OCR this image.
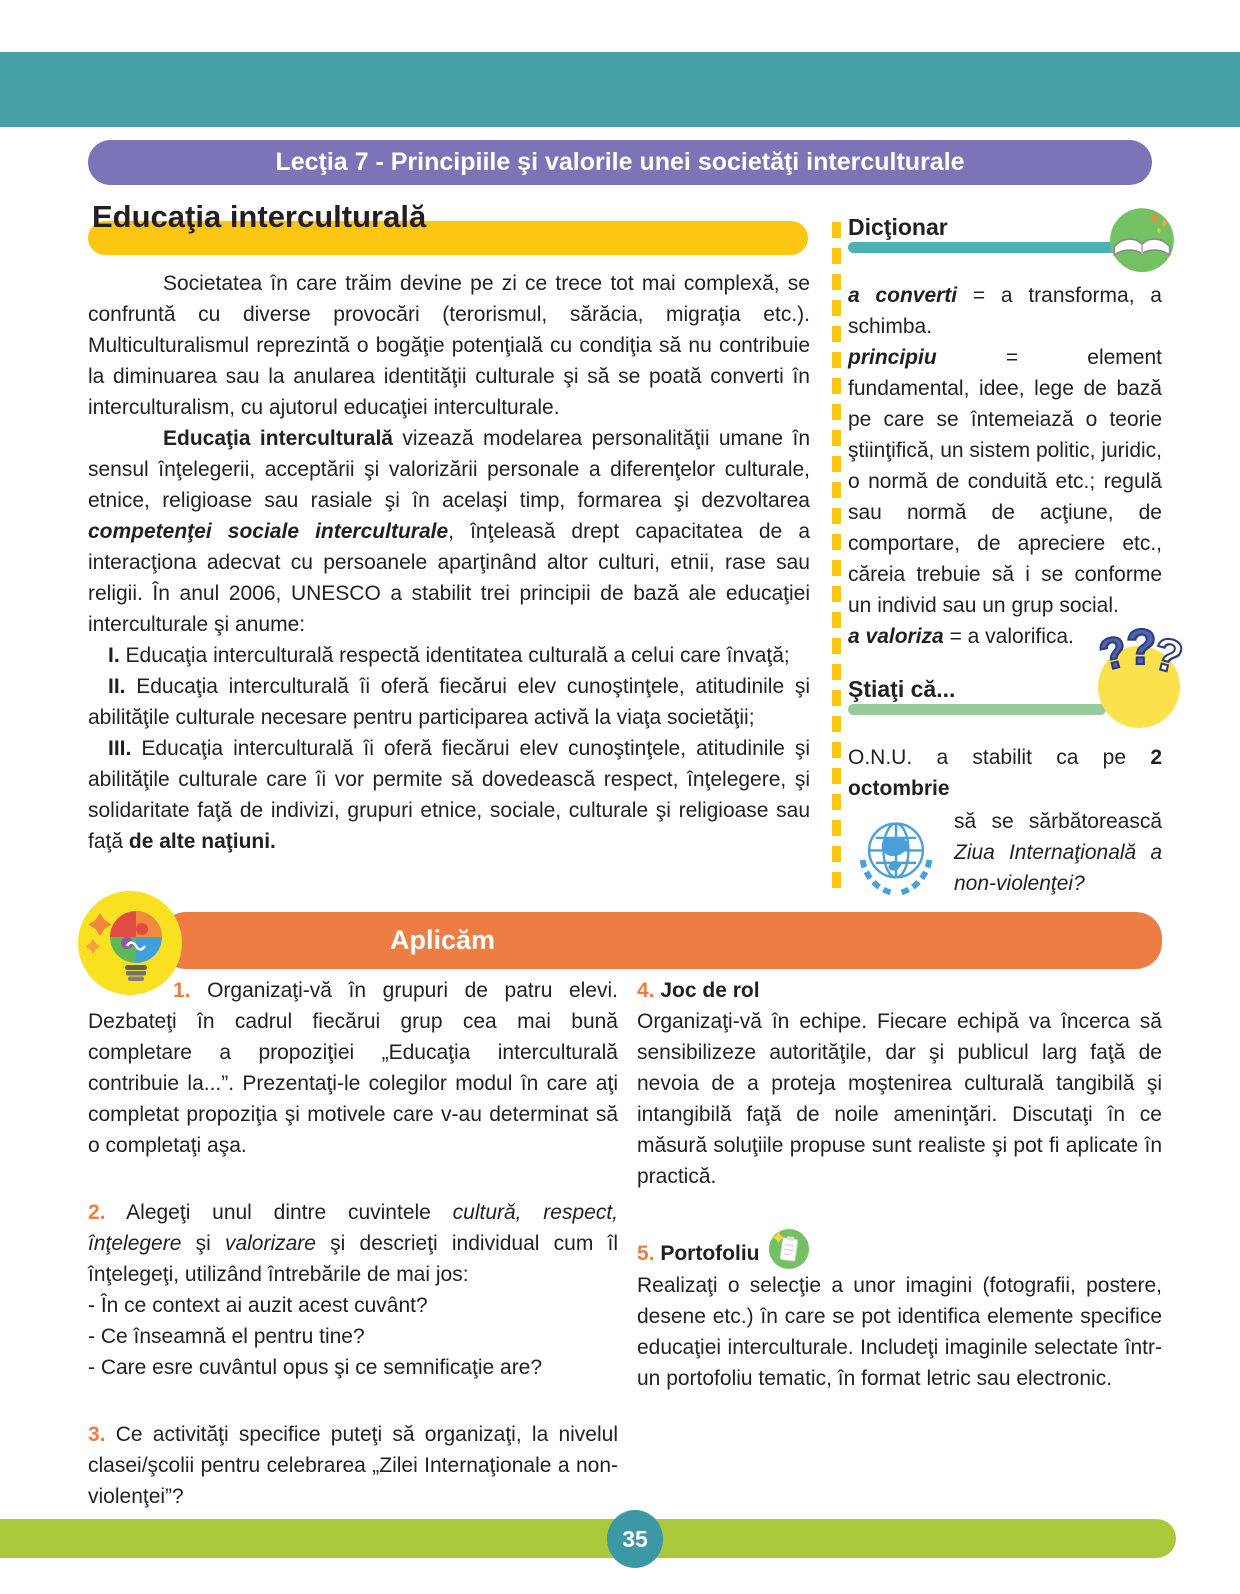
Lecţia 7 - Principiile şi valorile unei societăţi interculturale
Educaţia interculturală

Societatea în care trăim devine pe zi ce trece tot mai complexă, se confruntă cu diverse provocări (terorismul, sărăcia, migraţia etc.). Multiculturalismul reprezintă o bogăţie potenţială cu condiţia să nu contribuie la diminuarea sau la anularea identităţii culturale şi să se poată converti în interculturalism, cu ajutorul educaţiei interculturale.

Educaţia interculturală vizează modelarea personalităţii umane în sensul înţelegerii, acceptării şi valorizării personale a diferenţelor culturale, etnice, religioase sau rasiale şi în acelaşi timp, formarea şi dezvoltarea competenţei sociale interculturale, înţeleasă drept capacitatea de a interacţiona adecvat cu persoanele aparţinând altor culturi, etnii, rase sau religii. În anul 2006, UNESCO a stabilit trei principii de bază ale educaţiei interculturale şi anume:

I. Educaţia interculturală respectă identitatea culturală a celui care învaţă;

II. Educaţia interculturală îi oferă fiecărui elev cunoştinţele, atitudinile şi abilităţile culturale necesare pentru participarea activă la viaţa societăţii;

III. Educaţia interculturală îi oferă fiecărui elev cunoştinţele, atitudinile şi abilităţile culturale care îi vor permite să dovedească respect, înţelegere, şi solidaritate faţă de indivizi, grupuri etnice, sociale, culturale şi religioase sau faţă de alte naţiuni.

Dicţionar

a converti = a transforma, a schimba.

principiu = element fundamental, idee, lege de bază pe care se întemeiază o teorie ştiinţifică, un sistem politic, juridic, o normă de conduită etc.; regulă sau normă de acţiune, de comportare, de apreciere etc., căreia trebuie să i se conforme un individ sau un grup social.

a valoriza = a valorifica.

Ştiaţi că...
?
?
?

O.N.U. a stabilit ca pe 2 octombrie

să se sărbătorească Ziua Internaţională a non-violenţei?

Aplicăm

1. Organizaţi-vă în grupuri de patru elevi. Dezbateţi în cadrul fiecărui grup cea mai bună completare a propoziţiei „Educaţia interculturală contribuie la...”. Prezentaţi-le colegilor modul în care aţi completat propoziţia şi motivele care v-au determinat să o completaţi aşa.

2. Alegeţi unul dintre cuvintele cultură, respect, înţelegere şi valorizare şi descrieţi individual cum îl înţelegeţi, utilizând întrebările de mai jos:

- În ce context ai auzit acest cuvânt?
- Ce înseamnă el pentru tine?
- Care esre cuvântul opus şi ce semnificaţie are?

3. Ce activităţi specifice puteţi să organizaţi, la nivelul clasei/şcolii pentru celebrarea „Zilei Internaţionale a non-violenţei”?

4. Joc de rol

Organizaţi-vă în echipe. Fiecare echipă va încerca să sensibilizeze autorităţile, dar şi publicul larg faţă de nevoia de a proteja moştenirea culturală tangibilă şi intangibilă faţă de noile ameninţări. Discutaţi în ce măsură soluţiile propuse sunt realiste şi pot fi aplicate în practică.

5. Portofoliu

Realizaţi o selecţie a unor imagini (fotografii, postere, desene etc.) în care se pot identifica elemente specifice educaţiei interculturale. Includeţi imaginile selectate într-un portofoliu tematic, în format letric sau electronic.

35
